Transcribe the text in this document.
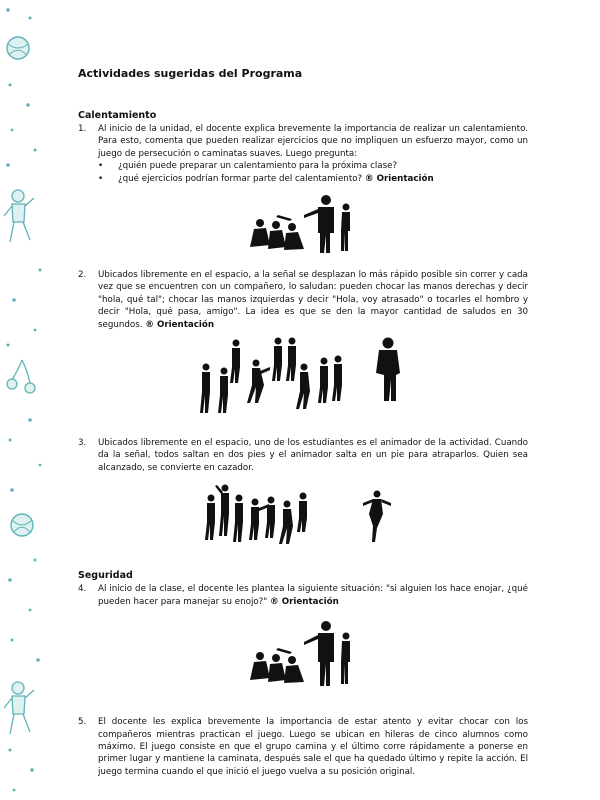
Actividades sugeridas del Programa
Calentamiento
1.	Al inicio de la unidad, el docente explica brevemente la importancia de realizar un calentamiento. Para esto, comenta que pueden realizar ejercicios que no impliquen un esfuerzo mayor, como un juego de persecución o caminatas suaves. Luego pregunta:
•	¿quién puede preparar un calentamiento para la próxima clase?
•	¿qué ejercicios podrían formar parte del calentamiento? ® Orientación
2.	Ubicados libremente en el espacio, a la señal se desplazan lo más rápido posible sin correr y cada vez que se encuentren con un compañero, lo saludan: pueden chocar las manos derechas y decir "hola, qué tal"; chocar las manos izquierdas y decir "Hola, voy atrasado" o tocarles el hombro y decir "Hola, qué pasa, amigo". La idea es que se den la mayor cantidad de saludos en 30 segundos. ® Orientación
3.	Ubicados libremente en el espacio, uno de los estudiantes es el animador de la actividad. Cuando da la señal, todos saltan en dos pies y el animador salta en un pie para atraparlos. Quien sea alcanzado, se convierte en cazador.
Seguridad
4.	Al inicio de la clase, el docente les plantea la siguiente situación: "si alguien los hace enojar, ¿qué pueden hacer para manejar su enojo?" ® Orientación
5.	El docente les explica brevemente la importancia de estar atento y evitar chocar con los compañeros mientras practican el juego. Luego se ubican en hileras de cinco alumnos como máximo. El juego consiste en que el grupo camina y el último corre rápidamente a ponerse en primer lugar y mantiene la caminata, después sale el que ha quedado último y repite la acción. El juego termina cuando el que inició el juego vuelva a su posición original.
